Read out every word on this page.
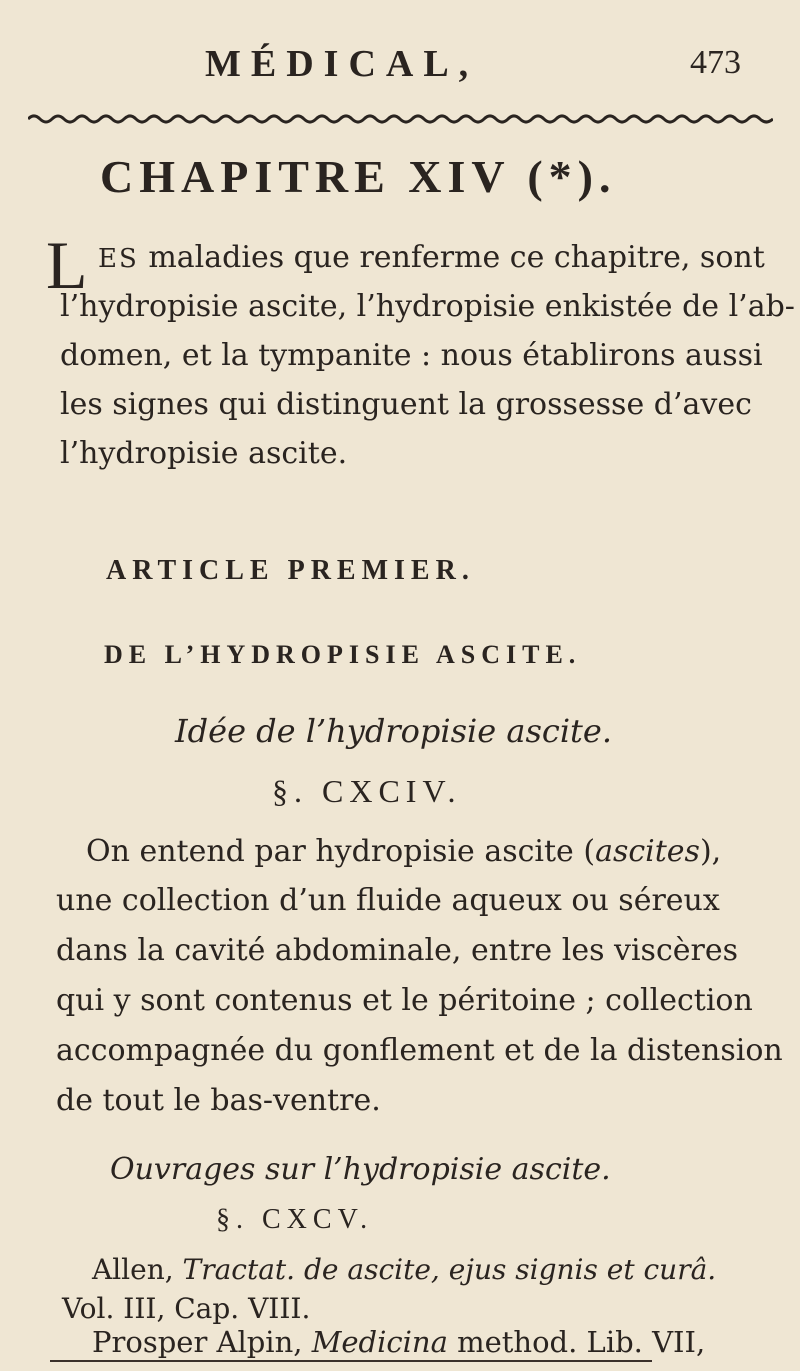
MÉDICAL,	473
CHAPITRE XIV (*).
L ES maladies que renferme ce chapitre, sont
l’hydropisie ascite, l’hydropisie enkistée de l’ab-
domen, et la tympanite : nous établirons aussi
les signes qui distinguent la grossesse d’avec
l’hydropisie ascite.
ARTICLE PREMIER.
DE L’HYDROPISIE ASCITE.
Idée de l’hydropisie ascite.
§. CXCIV.
On entend par hydropisie ascite (ascites),
une collection d’un fluide aqueux ou séreux
dans la cavité abdominale, entre les viscères
qui y sont contenus et le péritoine ; collection
accompagnée du gonflement et de la distension
de tout le bas-ventre.
Ouvrages sur l’hydropisie ascite.
§. CXCV.
Allen, Tractat. de ascite, ejus signis et curâ.
Vol. III, Cap. VIII.
Prosper Alpin, Medicina method. Lib. VII,
